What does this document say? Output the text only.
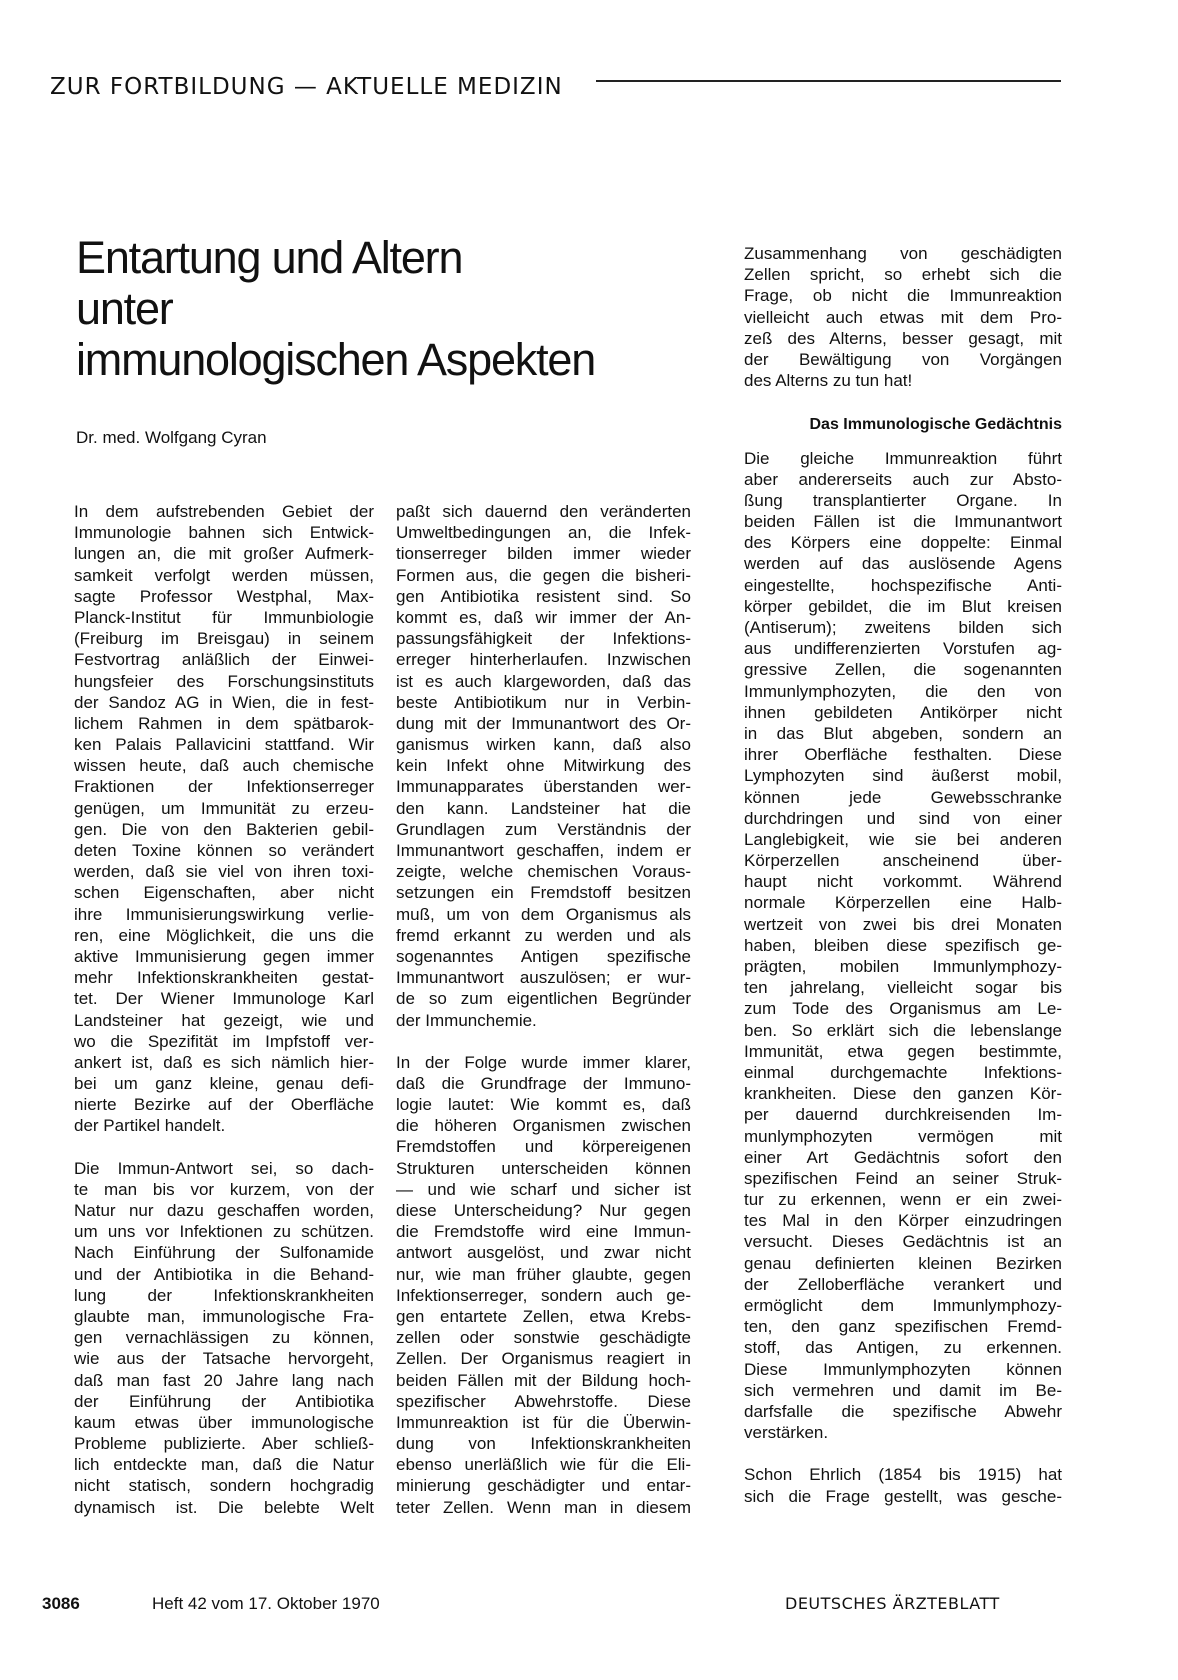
ZUR FORTBILDUNG — AKTUELLE MEDIZIN
Entartung und Altern
unter
immunologischen Aspekten
Dr. med. Wolfgang Cyran
In dem aufstrebenden Gebiet der
Immunologie bahnen sich Entwick-
lungen an, die mit großer Aufmerk-
samkeit verfolgt werden müssen,
sagte Professor Westphal, Max-
Planck-Institut für Immunbiologie
(Freiburg im Breisgau) in seinem
Festvortrag anläßlich der Einwei-
hungsfeier des Forschungsinstituts
der Sandoz AG in Wien, die in fest-
lichem Rahmen in dem spätbarok-
ken Palais Pallavicini stattfand. Wir
wissen heute, daß auch chemische
Fraktionen der Infektionserreger
genügen, um Immunität zu erzeu-
gen. Die von den Bakterien gebil-
deten Toxine können so verändert
werden, daß sie viel von ihren toxi-
schen Eigenschaften, aber nicht
ihre Immunisierungswirkung verlie-
ren, eine Möglichkeit, die uns die
aktive Immunisierung gegen immer
mehr Infektionskrankheiten gestat-
tet. Der Wiener Immunologe Karl
Landsteiner hat gezeigt, wie und
wo die Spezifität im Impfstoff ver-
ankert ist, daß es sich nämlich hier-
bei um ganz kleine, genau defi-
nierte Bezirke auf der Oberfläche
der Partikel handelt.
Die Immun-Antwort sei, so dach-
te man bis vor kurzem, von der
Natur nur dazu geschaffen worden,
um uns vor Infektionen zu schützen.
Nach Einführung der Sulfonamide
und der Antibiotika in die Behand-
lung der Infektionskrankheiten
glaubte man, immunologische Fra-
gen vernachlässigen zu können,
wie aus der Tatsache hervorgeht,
daß man fast 20 Jahre lang nach
der Einführung der Antibiotika
kaum etwas über immunologische
Probleme publizierte. Aber schließ-
lich entdeckte man, daß die Natur
nicht statisch, sondern hochgradig
dynamisch ist. Die belebte Welt
paßt sich dauernd den veränderten
Umweltbedingungen an, die Infek-
tionserreger bilden immer wieder
Formen aus, die gegen die bisheri-
gen Antibiotika resistent sind. So
kommt es, daß wir immer der An-
passungsfähigkeit der Infektions-
erreger hinterherlaufen. Inzwischen
ist es auch klargeworden, daß das
beste Antibiotikum nur in Verbin-
dung mit der Immunantwort des Or-
ganismus wirken kann, daß also
kein Infekt ohne Mitwirkung des
Immunapparates überstanden wer-
den kann. Landsteiner hat die
Grundlagen zum Verständnis der
Immunantwort geschaffen, indem er
zeigte, welche chemischen Voraus-
setzungen ein Fremdstoff besitzen
muß, um von dem Organismus als
fremd erkannt zu werden und als
sogenanntes Antigen spezifische
Immunantwort auszulösen; er wur-
de so zum eigentlichen Begründer
der Immunchemie.
In der Folge wurde immer klarer,
daß die Grundfrage der Immuno-
logie lautet: Wie kommt es, daß
die höheren Organismen zwischen
Fremdstoffen und körpereigenen
Strukturen unterscheiden können
— und wie scharf und sicher ist
diese Unterscheidung? Nur gegen
die Fremdstoffe wird eine Immun-
antwort ausgelöst, und zwar nicht
nur, wie man früher glaubte, gegen
Infektionserreger, sondern auch ge-
gen entartete Zellen, etwa Krebs-
zellen oder sonstwie geschädigte
Zellen. Der Organismus reagiert in
beiden Fällen mit der Bildung hoch-
spezifischer Abwehrstoffe. Diese
Immunreaktion ist für die Überwin-
dung von Infektionskrankheiten
ebenso unerläßlich wie für die Eli-
minierung geschädigter und entar-
teter Zellen. Wenn man in diesem
Zusammenhang von geschädigten
Zellen spricht, so erhebt sich die
Frage, ob nicht die Immunreaktion
vielleicht auch etwas mit dem Pro-
zeß des Alterns, besser gesagt, mit
der Bewältigung von Vorgängen
des Alterns zu tun hat!
Das Immunologische Gedächtnis
Die gleiche Immunreaktion führt
aber andererseits auch zur Absto-
ßung transplantierter Organe. In
beiden Fällen ist die Immunantwort
des Körpers eine doppelte: Einmal
werden auf das auslösende Agens
eingestellte, hochspezifische Anti-
körper gebildet, die im Blut kreisen
(Antiserum); zweitens bilden sich
aus undifferenzierten Vorstufen ag-
gressive Zellen, die sogenannten
Immunlymphozyten, die den von
ihnen gebildeten Antikörper nicht
in das Blut abgeben, sondern an
ihrer Oberfläche festhalten. Diese
Lymphozyten sind äußerst mobil,
können jede Gewebsschranke
durchdringen und sind von einer
Langlebigkeit, wie sie bei anderen
Körperzellen anscheinend über-
haupt nicht vorkommt. Während
normale Körperzellen eine Halb-
wertzeit von zwei bis drei Monaten
haben, bleiben diese spezifisch ge-
prägten, mobilen Immunlymphozy-
ten jahrelang, vielleicht sogar bis
zum Tode des Organismus am Le-
ben. So erklärt sich die lebenslange
Immunität, etwa gegen bestimmte,
einmal durchgemachte Infektions-
krankheiten. Diese den ganzen Kör-
per dauernd durchkreisenden Im-
munlymphozyten vermögen mit
einer Art Gedächtnis sofort den
spezifischen Feind an seiner Struk-
tur zu erkennen, wenn er ein zwei-
tes Mal in den Körper einzudringen
versucht. Dieses Gedächtnis ist an
genau definierten kleinen Bezirken
der Zelloberfläche verankert und
ermöglicht dem Immunlymphozy-
ten, den ganz spezifischen Fremd-
stoff, das Antigen, zu erkennen.
Diese Immunlymphozyten können
sich vermehren und damit im Be-
darfsfalle die spezifische Abwehr
verstärken.
Schon Ehrlich (1854 bis 1915) hat
sich die Frage gestellt, was gesche-
3086	Heft 42 vom 17. Oktober 1970	DEUTSCHES ÄRZTEBLATT
